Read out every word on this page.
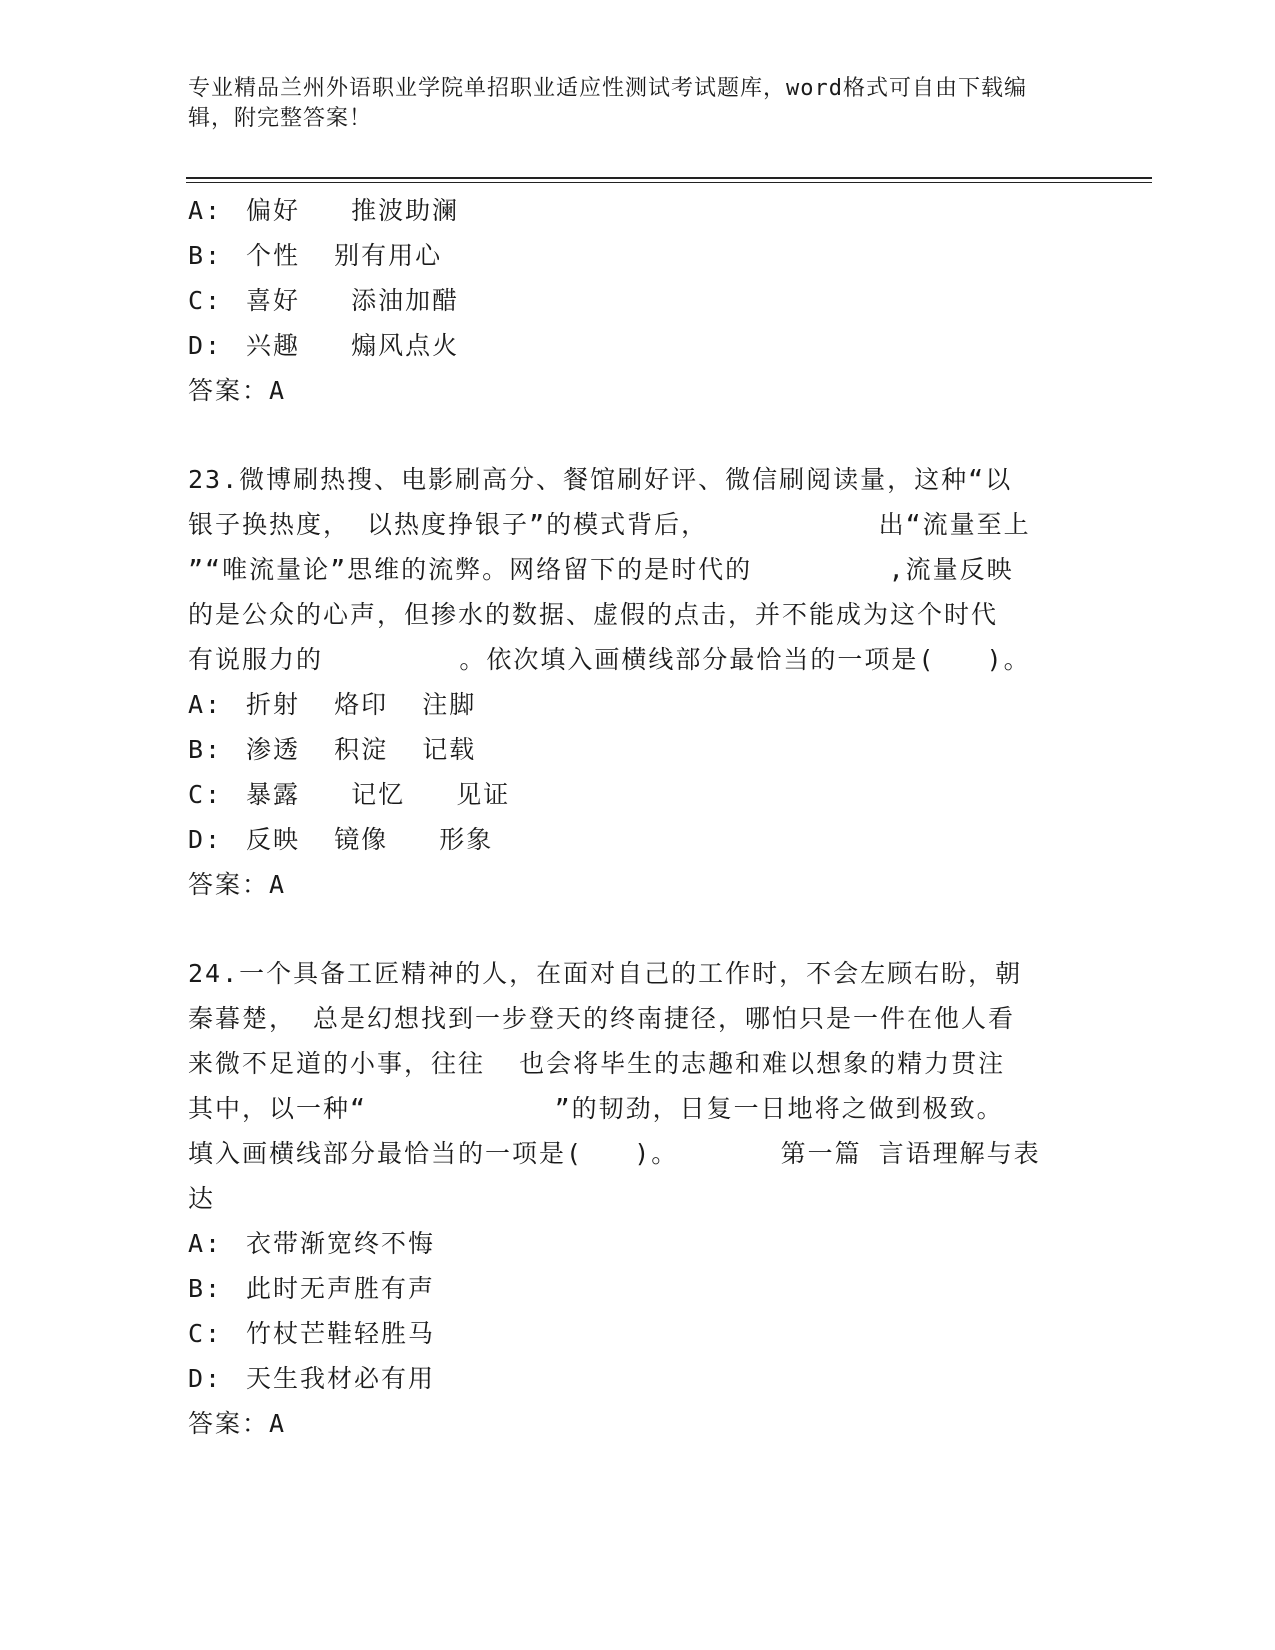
专业精品兰州外语职业学院单招职业适应性测试考试题库，word格式可自由下载编辑，附完整答案！
A: 偏好   推波助澜
B: 个性  别有用心
C: 喜好   添油加醋
D: 兴趣   煽风点火
答案：A
23.微博刷热搜、电影刷高分、餐馆刷好评、微信刷阅读量，这种“以
银子换热度， 以热度挣银子”的模式背后，          出“流量至上
”“唯流量论”思维的流弊。网络留下的是时代的        ,流量反映
的是公众的心声，但掺水的数据、虚假的点击，并不能成为这个时代
有说服力的        。依次填入画横线部分最恰当的一项是(   )。
A: 折射  烙印  注脚
B: 渗透  积淀  记载
C: 暴露   记忆   见证
D: 反映  镜像   形象
答案：A
24.一个具备工匠精神的人，在面对自己的工作时，不会左顾右盼，朝
秦暮楚， 总是幻想找到一步登天的终南捷径，哪怕只是一件在他人看
来微不足道的小事，往往  也会将毕生的志趣和难以想象的精力贯注
其中，以一种“           ”的韧劲，日复一日地将之做到极致。
填入画横线部分最恰当的一项是(   )。      第一篇 言语理解与表
达
A: 衣带渐宽终不悔
B: 此时无声胜有声
C: 竹杖芒鞋轻胜马
D: 天生我材必有用
答案：A
